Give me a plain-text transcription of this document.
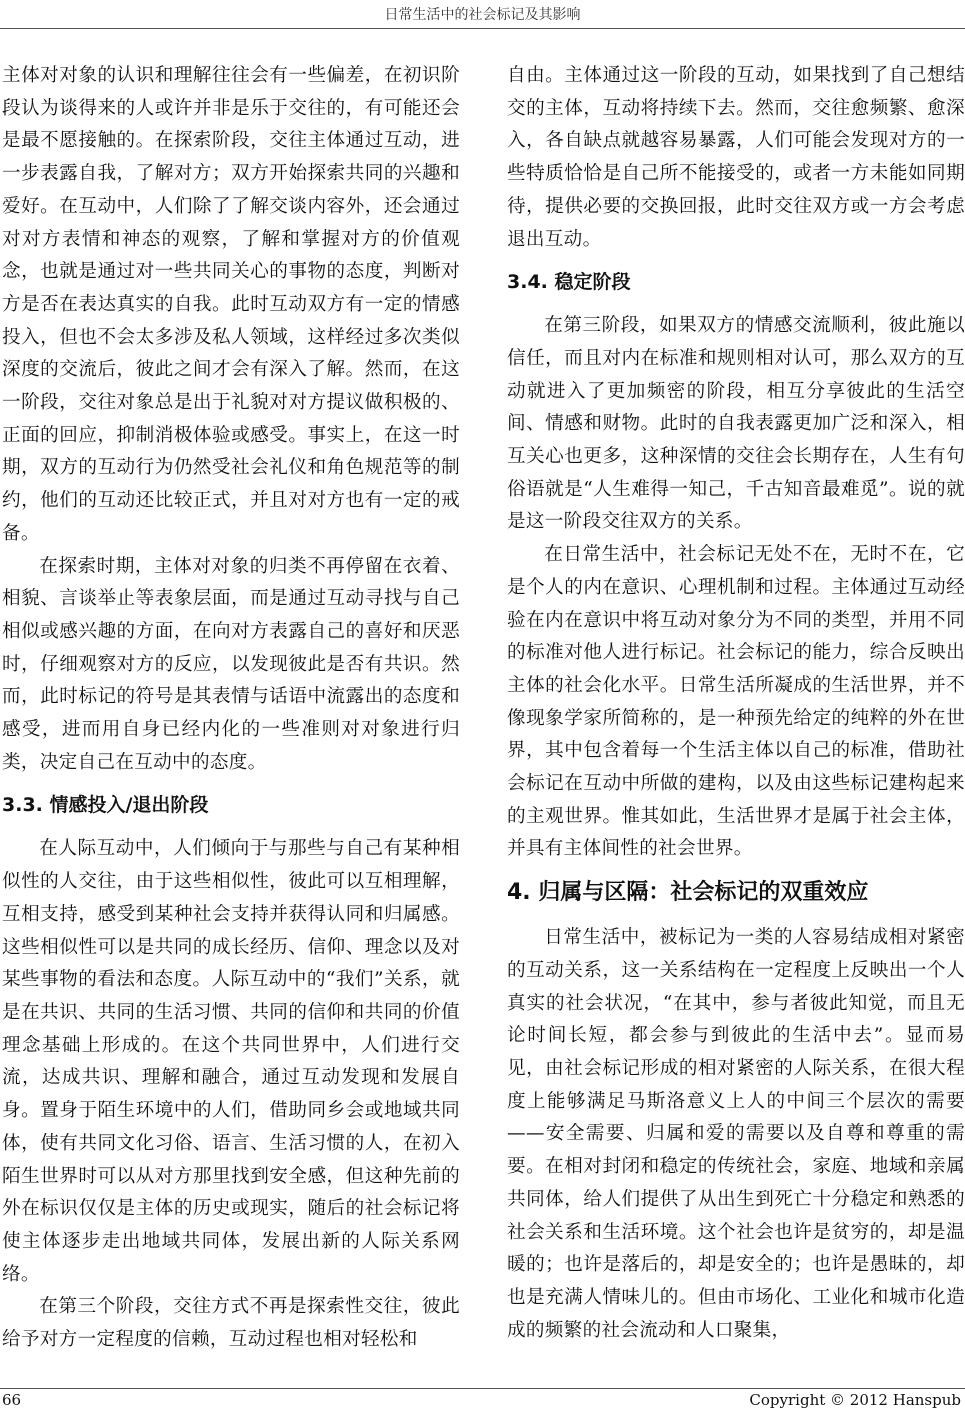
日常生活中的社会标记及其影响

主体对对象的认识和理解往往会有一些偏差，在初识阶段认为谈得来的人或许并非是乐于交往的，有可能还会是最不愿接触的。在探索阶段，交往主体通过互动，进一步表露自我，了解对方；双方开始探索共同的兴趣和爱好。在互动中，人们除了了解交谈内容外，还会通过对对方表情和神态的观察，了解和掌握对方的价值观念，也就是通过对一些共同关心的事物的态度，判断对方是否在表达真实的自我。此时互动双方有一定的情感投入，但也不会太多涉及私人领域，这样经过多次类似深度的交流后，彼此之间才会有深入了解。然而，在这一阶段，交往对象总是出于礼貌对对方提议做积极的、正面的回应，抑制消极体验或感受。事实上，在这一时期，双方的互动行为仍然受社会礼仪和角色规范等的制约，他们的互动还比较正式，并且对对方也有一定的戒备。

在探索时期，主体对对象的归类不再停留在衣着、相貌、言谈举止等表象层面，而是通过互动寻找与自己相似或感兴趣的方面，在向对方表露自己的喜好和厌恶时，仔细观察对方的反应，以发现彼此是否有共识。然而，此时标记的符号是其表情与话语中流露出的态度和感受，进而用自身已经内化的一些准则对对象进行归类，决定自己在互动中的态度。

3.3. 情感投入/退出阶段

在人际互动中，人们倾向于与那些与自己有某种相似性的人交往，由于这些相似性，彼此可以互相理解，互相支持，感受到某种社会支持并获得认同和归属感。这些相似性可以是共同的成长经历、信仰、理念以及对某些事物的看法和态度。人际互动中的“我们”关系，就是在共识、共同的生活习惯、共同的信仰和共同的价值理念基础上形成的。在这个共同世界中，人们进行交流，达成共识、理解和融合，通过互动发现和发展自身。置身于陌生环境中的人们，借助同乡会或地域共同体，使有共同文化习俗、语言、生活习惯的人，在初入陌生世界时可以从对方那里找到安全感，但这种先前的外在标识仅仅是主体的历史或现实，随后的社会标记将使主体逐步走出地域共同体，发展出新的人际关系网络。

在第三个阶段，交往方式不再是探索性交往，彼此给予对方一定程度的信赖，互动过程也相对轻松和

自由。主体通过这一阶段的互动，如果找到了自己想结交的主体，互动将持续下去。然而，交往愈频繁、愈深入，各自缺点就越容易暴露，人们可能会发现对方的一些特质恰恰是自己所不能接受的，或者一方未能如同期待，提供必要的交换回报，此时交往双方或一方会考虑退出互动。

3.4. 稳定阶段

在第三阶段，如果双方的情感交流顺利，彼此施以信任，而且对内在标准和规则相对认可，那么双方的互动就进入了更加频密的阶段，相互分享彼此的生活空间、情感和财物。此时的自我表露更加广泛和深入，相互关心也更多，这种深情的交往会长期存在，人生有句俗语就是“人生难得一知己，千古知音最难觅”。说的就是这一阶段交往双方的关系。

在日常生活中，社会标记无处不在，无时不在，它是个人的内在意识、心理机制和过程。主体通过互动经验在内在意识中将互动对象分为不同的类型，并用不同的标准对他人进行标记。社会标记的能力，综合反映出主体的社会化水平。日常生活所凝成的生活世界，并不像现象学家所简称的，是一种预先给定的纯粹的外在世界，其中包含着每一个生活主体以自己的标准，借助社会标记在互动中所做的建构，以及由这些标记建构起来的主观世界。惟其如此，生活世界才是属于社会主体，并具有主体间性的社会世界。

4. 归属与区隔：社会标记的双重效应

日常生活中，被标记为一类的人容易结成相对紧密的互动关系，这一关系结构在一定程度上反映出一个人真实的社会状况，“在其中，参与者彼此知觉，而且无论时间长短，都会参与到彼此的生活中去”。显而易见，由社会标记形成的相对紧密的人际关系，在很大程度上能够满足马斯洛意义上人的中间三个层次的需要——安全需要、归属和爱的需要以及自尊和尊重的需要。在相对封闭和稳定的传统社会，家庭、地域和亲属共同体，给人们提供了从出生到死亡十分稳定和熟悉的社会关系和生活环境。这个社会也许是贫穷的，却是温暖的；也许是落后的，却是安全的；也许是愚昧的，却也是充满人情味儿的。但由市场化、工业化和城市化造成的频繁的社会流动和人口聚集，

66	Copyright © 2012 Hanspub
